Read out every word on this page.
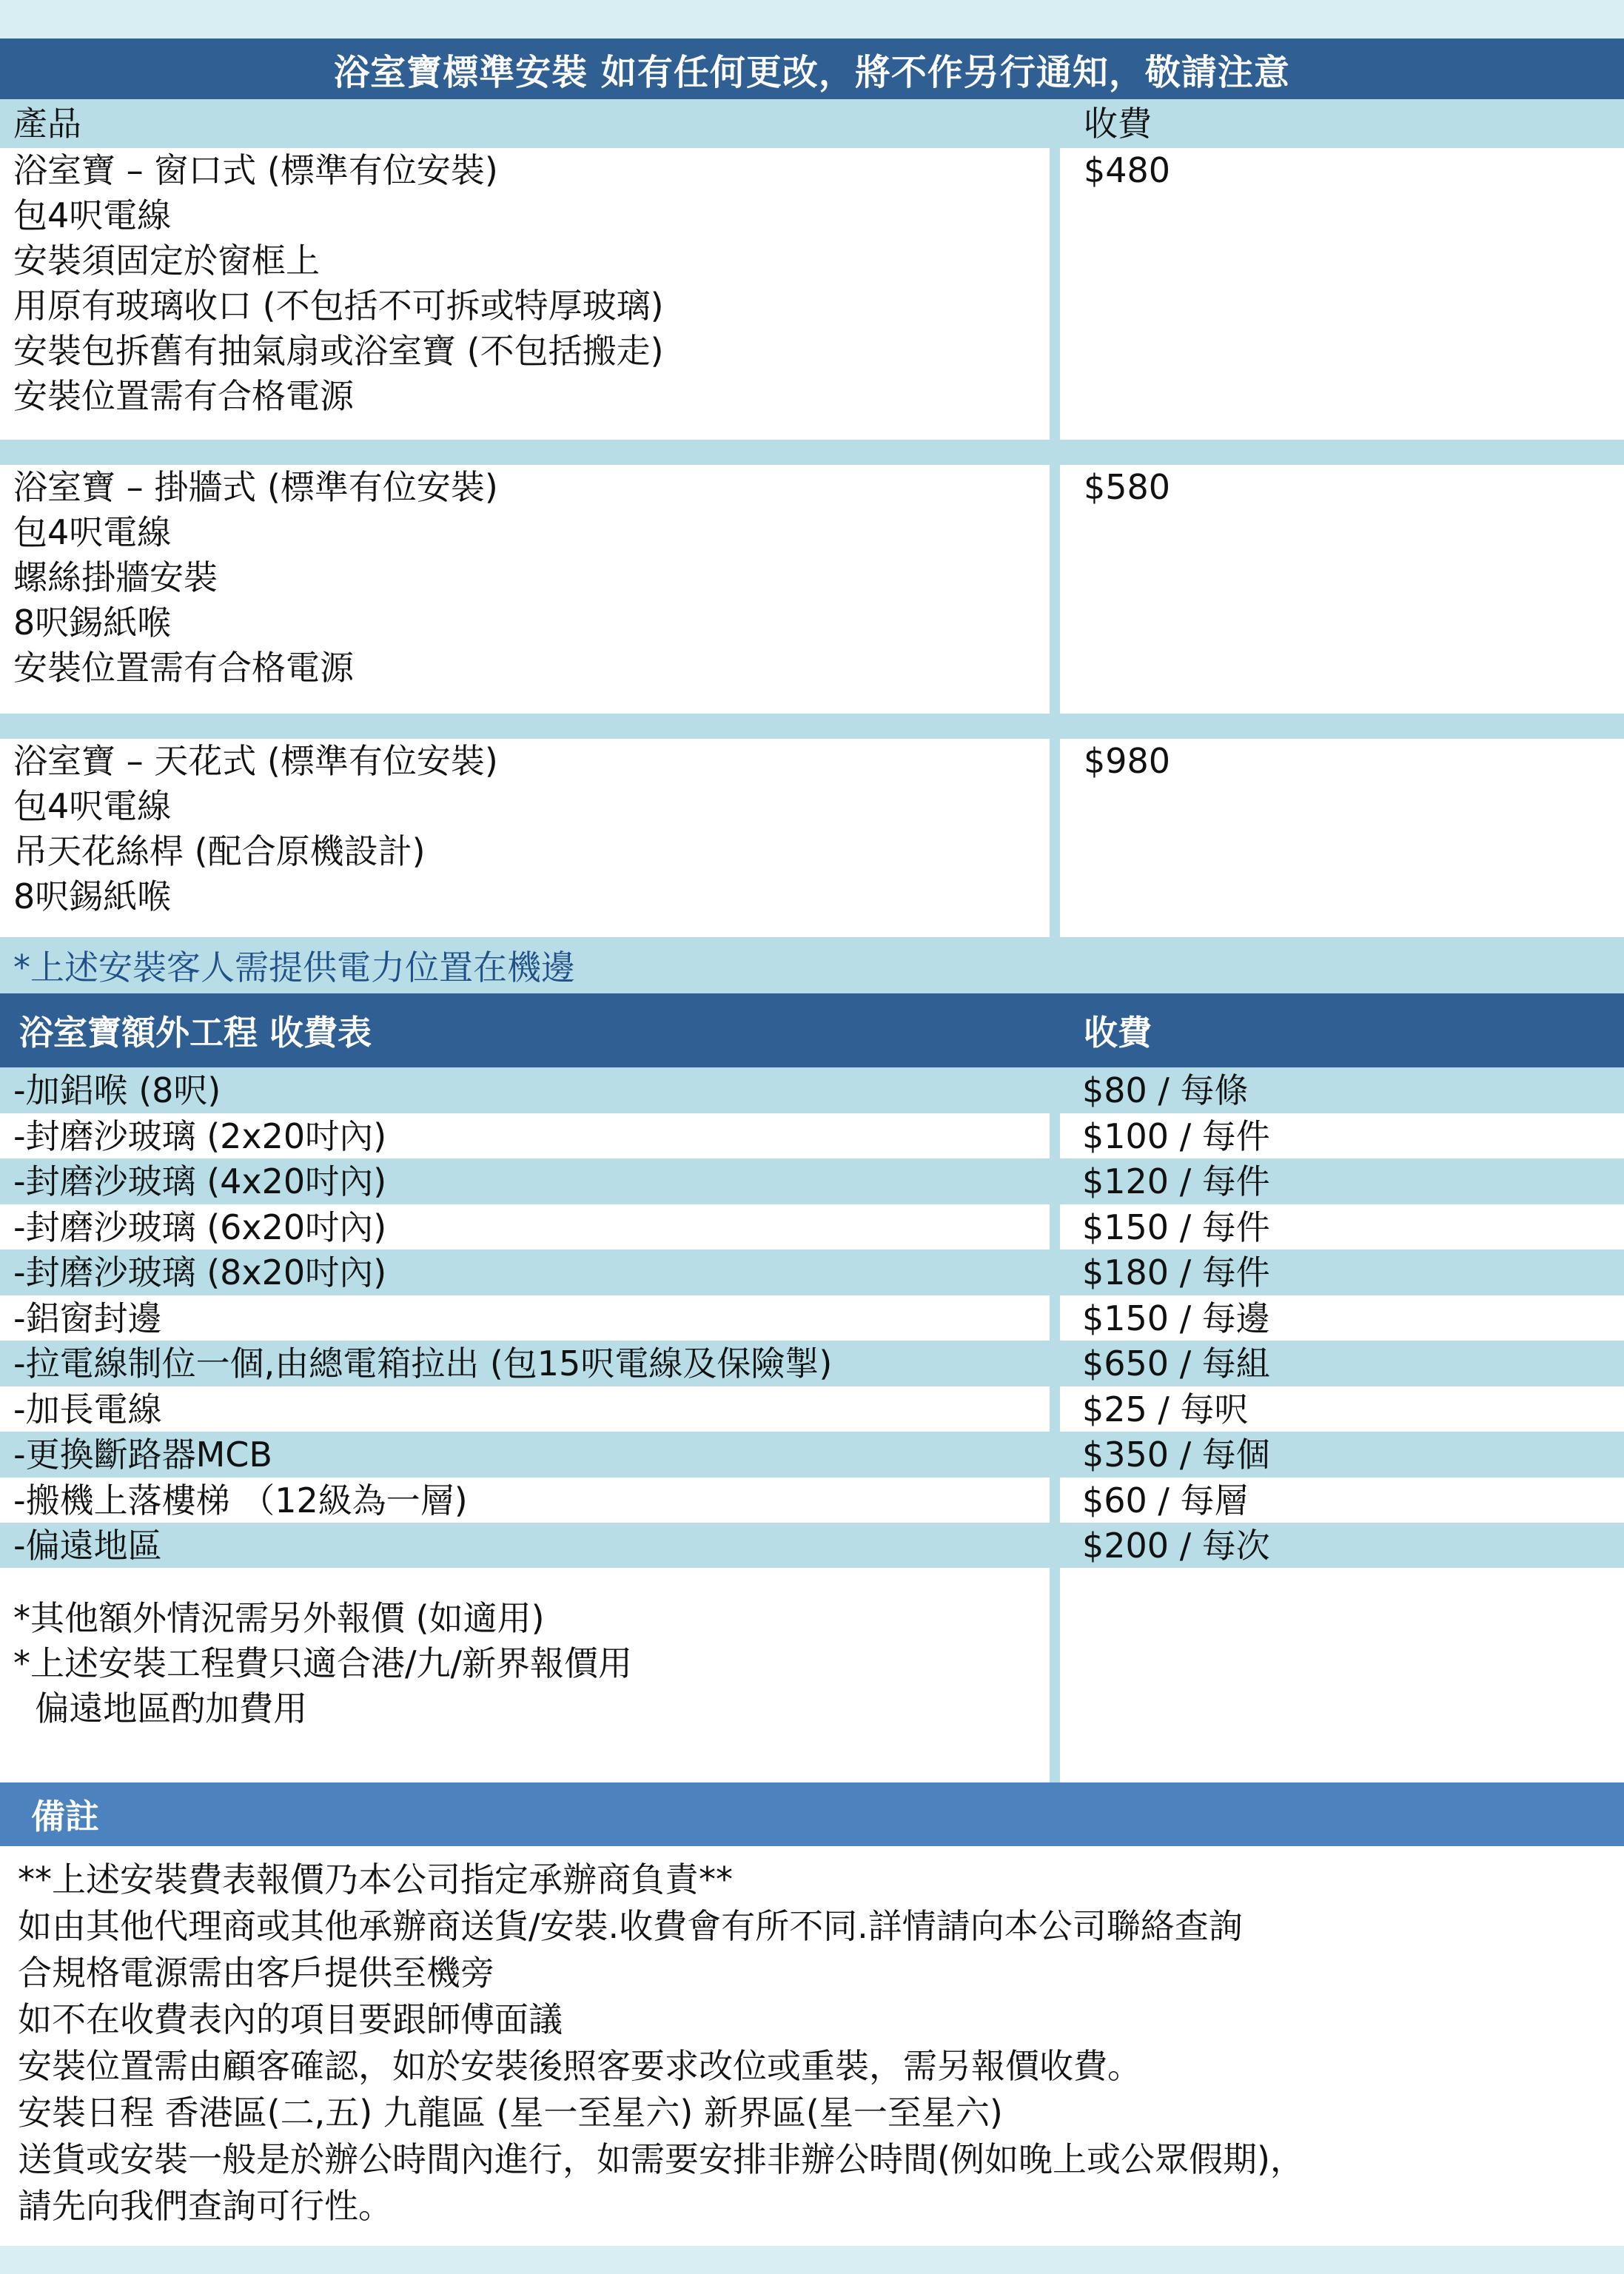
浴室寶標準安裝 如有任何更改，將不作另行通知，敬請注意
產品	收費
浴室寶 – 窗口式 (標準有位安裝)
包4呎電線
安裝須固定於窗框上
用原有玻璃收口 (不包括不可拆或特厚玻璃)
安裝包拆舊有抽氣扇或浴室寶 (不包括搬走)
安裝位置需有合格電源
$480
浴室寶 – 掛牆式 (標準有位安裝)
包4呎電線
螺絲掛牆安裝
8呎錫紙喉
安裝位置需有合格電源
$580
浴室寶 – 天花式 (標準有位安裝)
包4呎電線
吊天花絲桿 (配合原機設計)
8呎錫紙喉
$980
*上述安裝客人需提供電力位置在機邊
浴室寶額外工程 收費表	收費
-加鋁喉 (8呎)	$80 / 每條
-封磨沙玻璃 (2x20吋內)	$100 / 每件
-封磨沙玻璃 (4x20吋內)	$120 / 每件
-封磨沙玻璃 (6x20吋內)	$150 / 每件
-封磨沙玻璃 (8x20吋內)	$180 / 每件
-鋁窗封邊	$150 / 每邊
-拉電線制位一個,由總電箱拉出 (包15呎電線及保險掣)	$650 / 每組
-加長電線	$25 / 每呎
-更換斷路器MCB	$350 / 每個
-搬機上落樓梯 （12級為一層)	$60 / 每層
-偏遠地區	$200 / 每次
*其他額外情況需另外報價 (如適用)
*上述安裝工程費只適合港/九/新界報價用
偏遠地區酌加費用
備註
**上述安裝費表報價乃本公司指定承辦商負責**
如由其他代理商或其他承辦商送貨/安裝.收費會有所不同.詳情請向本公司聯絡查詢
合規格電源需由客戶提供至機旁
如不在收費表內的項目要跟師傅面議
安裝位置需由顧客確認，如於安裝後照客要求改位或重裝，需另報價收費。
安裝日程 香港區(二,五) 九龍區 (星一至星六) 新界區(星一至星六)
送貨或安裝一般是於辦公時間內進行，如需要安排非辦公時間(例如晚上或公眾假期)，
請先向我們查詢可行性。
